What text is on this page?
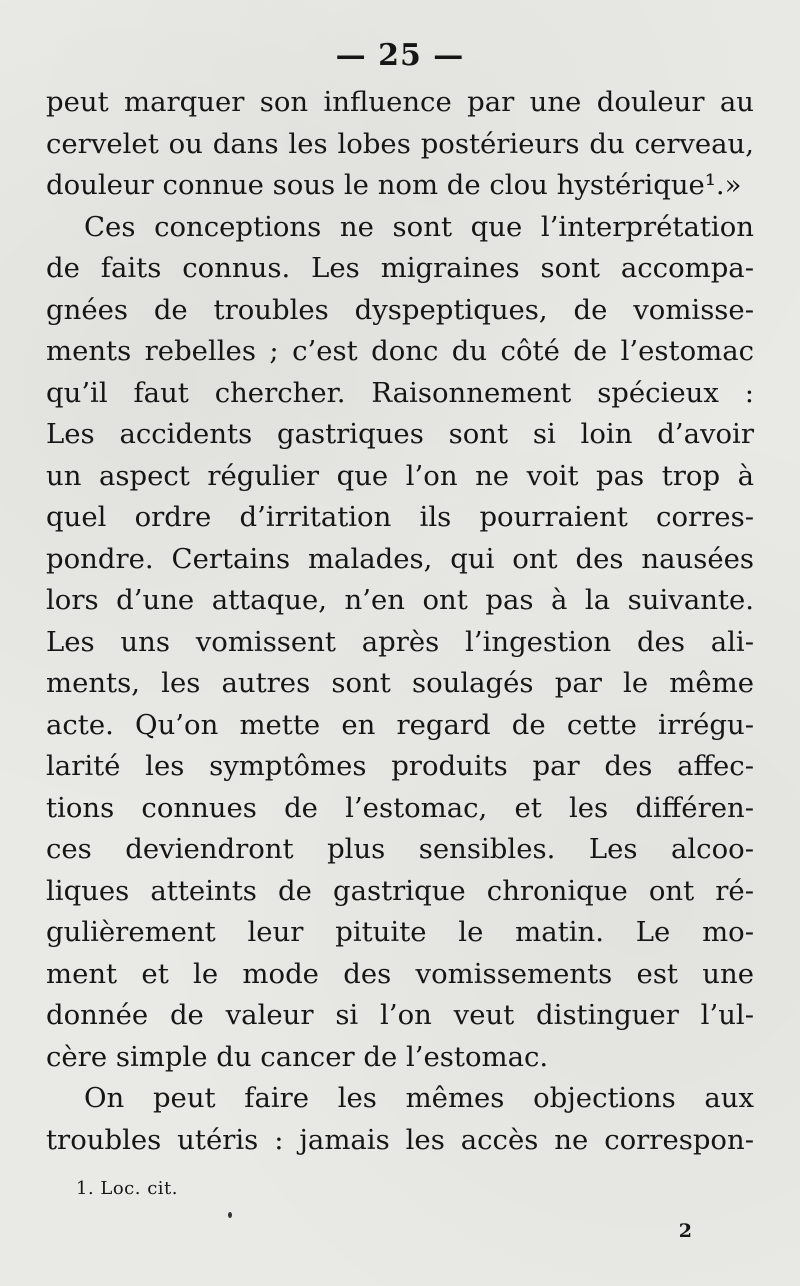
— 25 —
peut marquer son influence par une douleur au
cervelet ou dans les lobes postérieurs du cerveau,
douleur connue sous le nom de clou hystérique¹.»
Ces conceptions ne sont que l’interprétation
de faits connus. Les migraines sont accompa-
gnées de troubles dyspeptiques, de vomisse-
ments rebelles ; c’est donc du côté de l’estomac
qu’il faut chercher. Raisonnement spécieux :
Les accidents gastriques sont si loin d’avoir
un aspect régulier que l’on ne voit pas trop à
quel ordre d’irritation ils pourraient corres-
pondre. Certains malades, qui ont des nausées
lors d’une attaque, n’en ont pas à la suivante.
Les uns vomissent après l’ingestion des ali-
ments, les autres sont soulagés par le même
acte. Qu’on mette en regard de cette irrégu-
larité les symptômes produits par des affec-
tions connues de l’estomac, et les différen-
ces deviendront plus sensibles. Les alcoo-
liques atteints de gastrique chronique ont ré-
gulièrement leur pituite le matin. Le mo-
ment et le mode des vomissements est une
donnée de valeur si l’on veut distinguer l’ul-
cère simple du cancer de l’estomac.
On peut faire les mêmes objections aux
troubles utéris : jamais les accès ne correspon-
1. Loc. cit.
2
